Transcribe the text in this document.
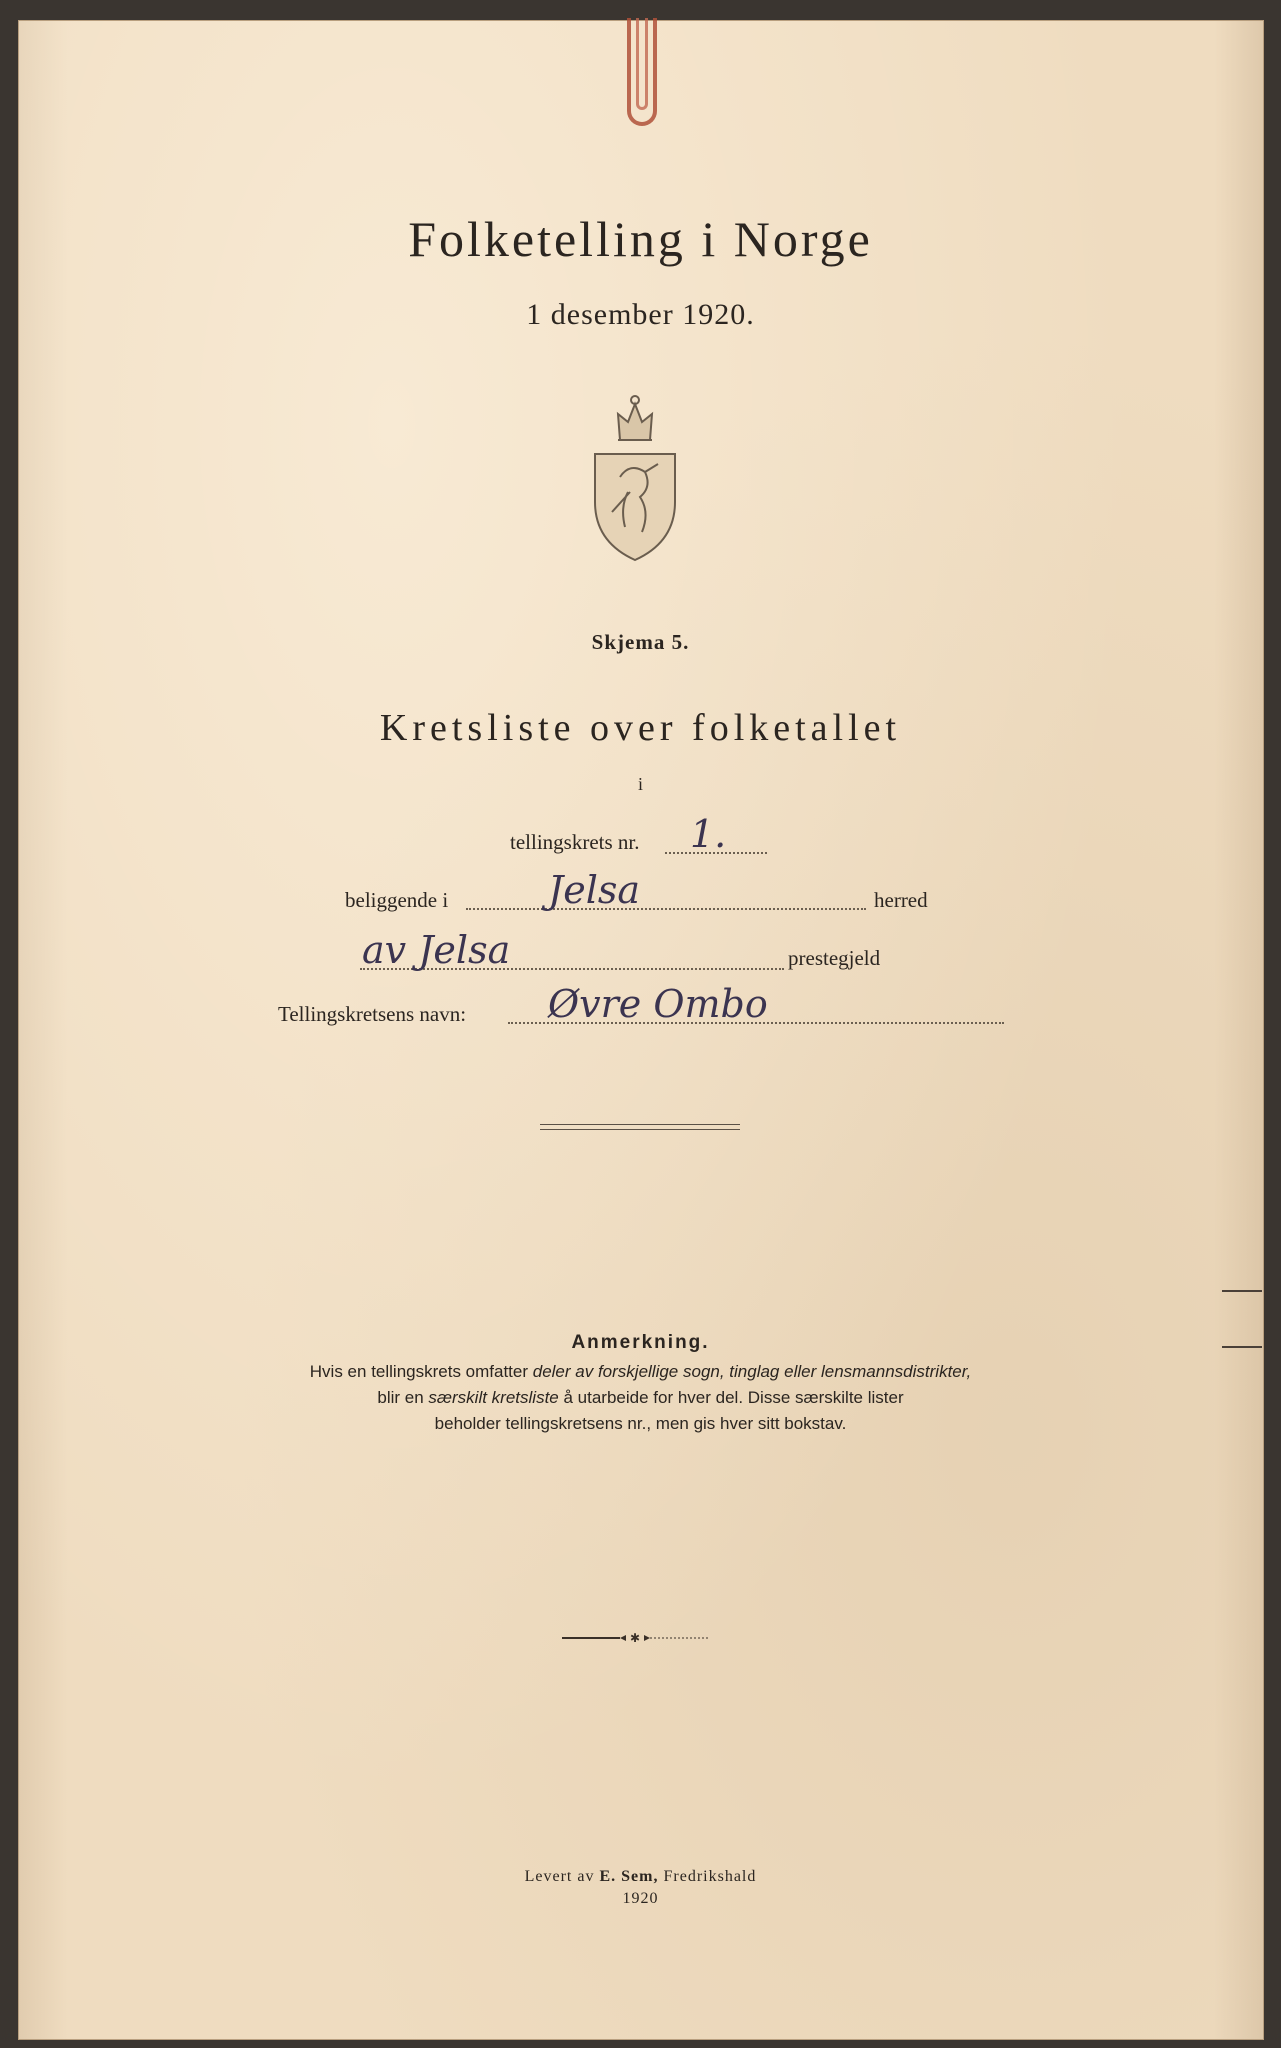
Folketelling i Norge
1 desember 1920.
Skjema 5.
Kretsliste over folketallet
i
tellingskrets nr. 1.
beliggende i	Jelsa	herred
av Jelsa	prestegjeld
Tellingskretsens navn: Øvre Ombo
Anmerkning.
Hvis en tellingskrets omfatter deler av forskjellige sogn, tinglag eller lensmannsdistrikter,
blir en særskilt kretsliste å utarbeide for hver del. Disse særskilte lister
beholder tellingskretsens nr., men gis hver sitt bokstav.
✱
Levert av E. Sem, Fredrikshald
1920
